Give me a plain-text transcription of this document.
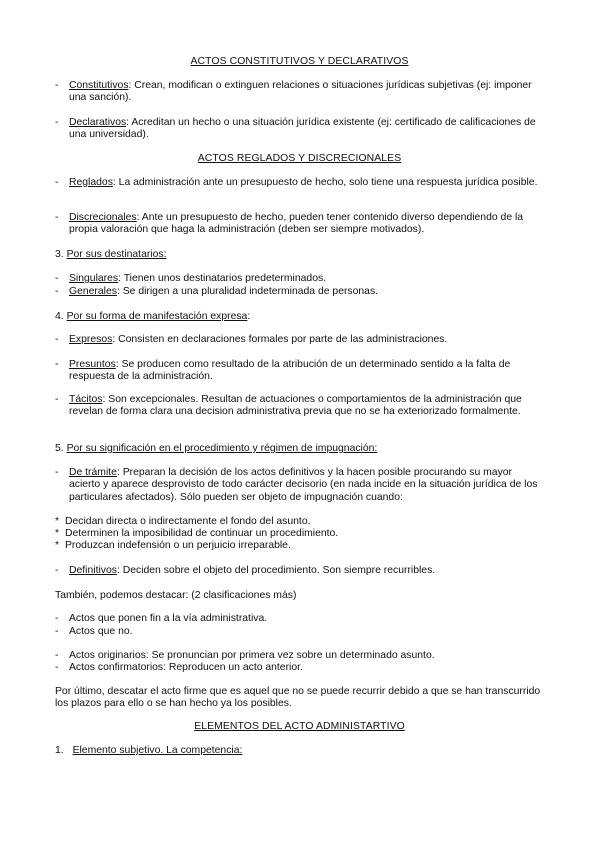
ACTOS CONSTITUTIVOS Y DECLARATIVOS
-	Constitutivos: Crean, modifican o extinguen relaciones o situaciones jurídicas subjetivas (ej: imponer una sanción).
-	Declarativos: Acreditan un hecho o una situación jurídica existente (ej: certificado de calificaciones de una universidad).
ACTOS REGLADOS Y DISCRECIONALES
-	Reglados: La administración ante un presupuesto de hecho, solo tiene una respuesta jurídica posible.
-	Discrecionales: Ante un presupuesto de hecho, pueden tener contenido diverso dependiendo de la propia valoración que haga la administración (deben ser siempre motivados).
3. Por sus destinatarios:
-	Singulares: Tienen unos destinatarios predeterminados.
-	Generales: Se dirigen a una pluralidad indeterminada de personas.
4. Por su forma de manifestación expresa:
-	Expresos: Consisten en declaraciones formales por parte de las administraciones.
-	Presuntos: Se producen como resultado de la atribución de un determinado sentido a la falta de respuesta de la administración.
-	Tácitos: Son excepcionales. Resultan de actuaciones o comportamientos de la administración que revelan de forma clara una decision administrativa previa que no se ha exteriorizado formalmente.
5. Por su significación en el procedimiento y régimen de impugnación:
-	De trámite: Preparan la decisión de los actos definitivos y la hacen posible procurando su mayor acierto y aparece desprovisto de todo carácter decisorio (en nada incide en la situación jurídica de los particulares afectados). Sólo pueden ser objeto de impugnación cuando:
* Decidan directa o indirectamente el fondo del asunto.
* Determinen la imposibilidad de continuar un procedimiento.
* Produzcan indefensión o un perjuicio irreparable.
-	Definitivos: Deciden sobre el objeto del procedimiento. Son siempre recurribles.
También, podemos destacar: (2 clasificaciones más)
-	Actos que ponen fin a la vía administrativa.
-	Actos que no.
-	Actos originarios: Se pronuncian por primera vez sobre un determinado asunto.
-	Actos confirmatorios: Reproducen un acto anterior.
Por último, descatar el acto firme que es aquel que no se puede recurrir debido a que se han transcurrido los plazos para ello o se han hecho ya los posibles.
ELEMENTOS DEL ACTO ADMINISTARTIVO
1. Elemento subjetivo. La competencia:
